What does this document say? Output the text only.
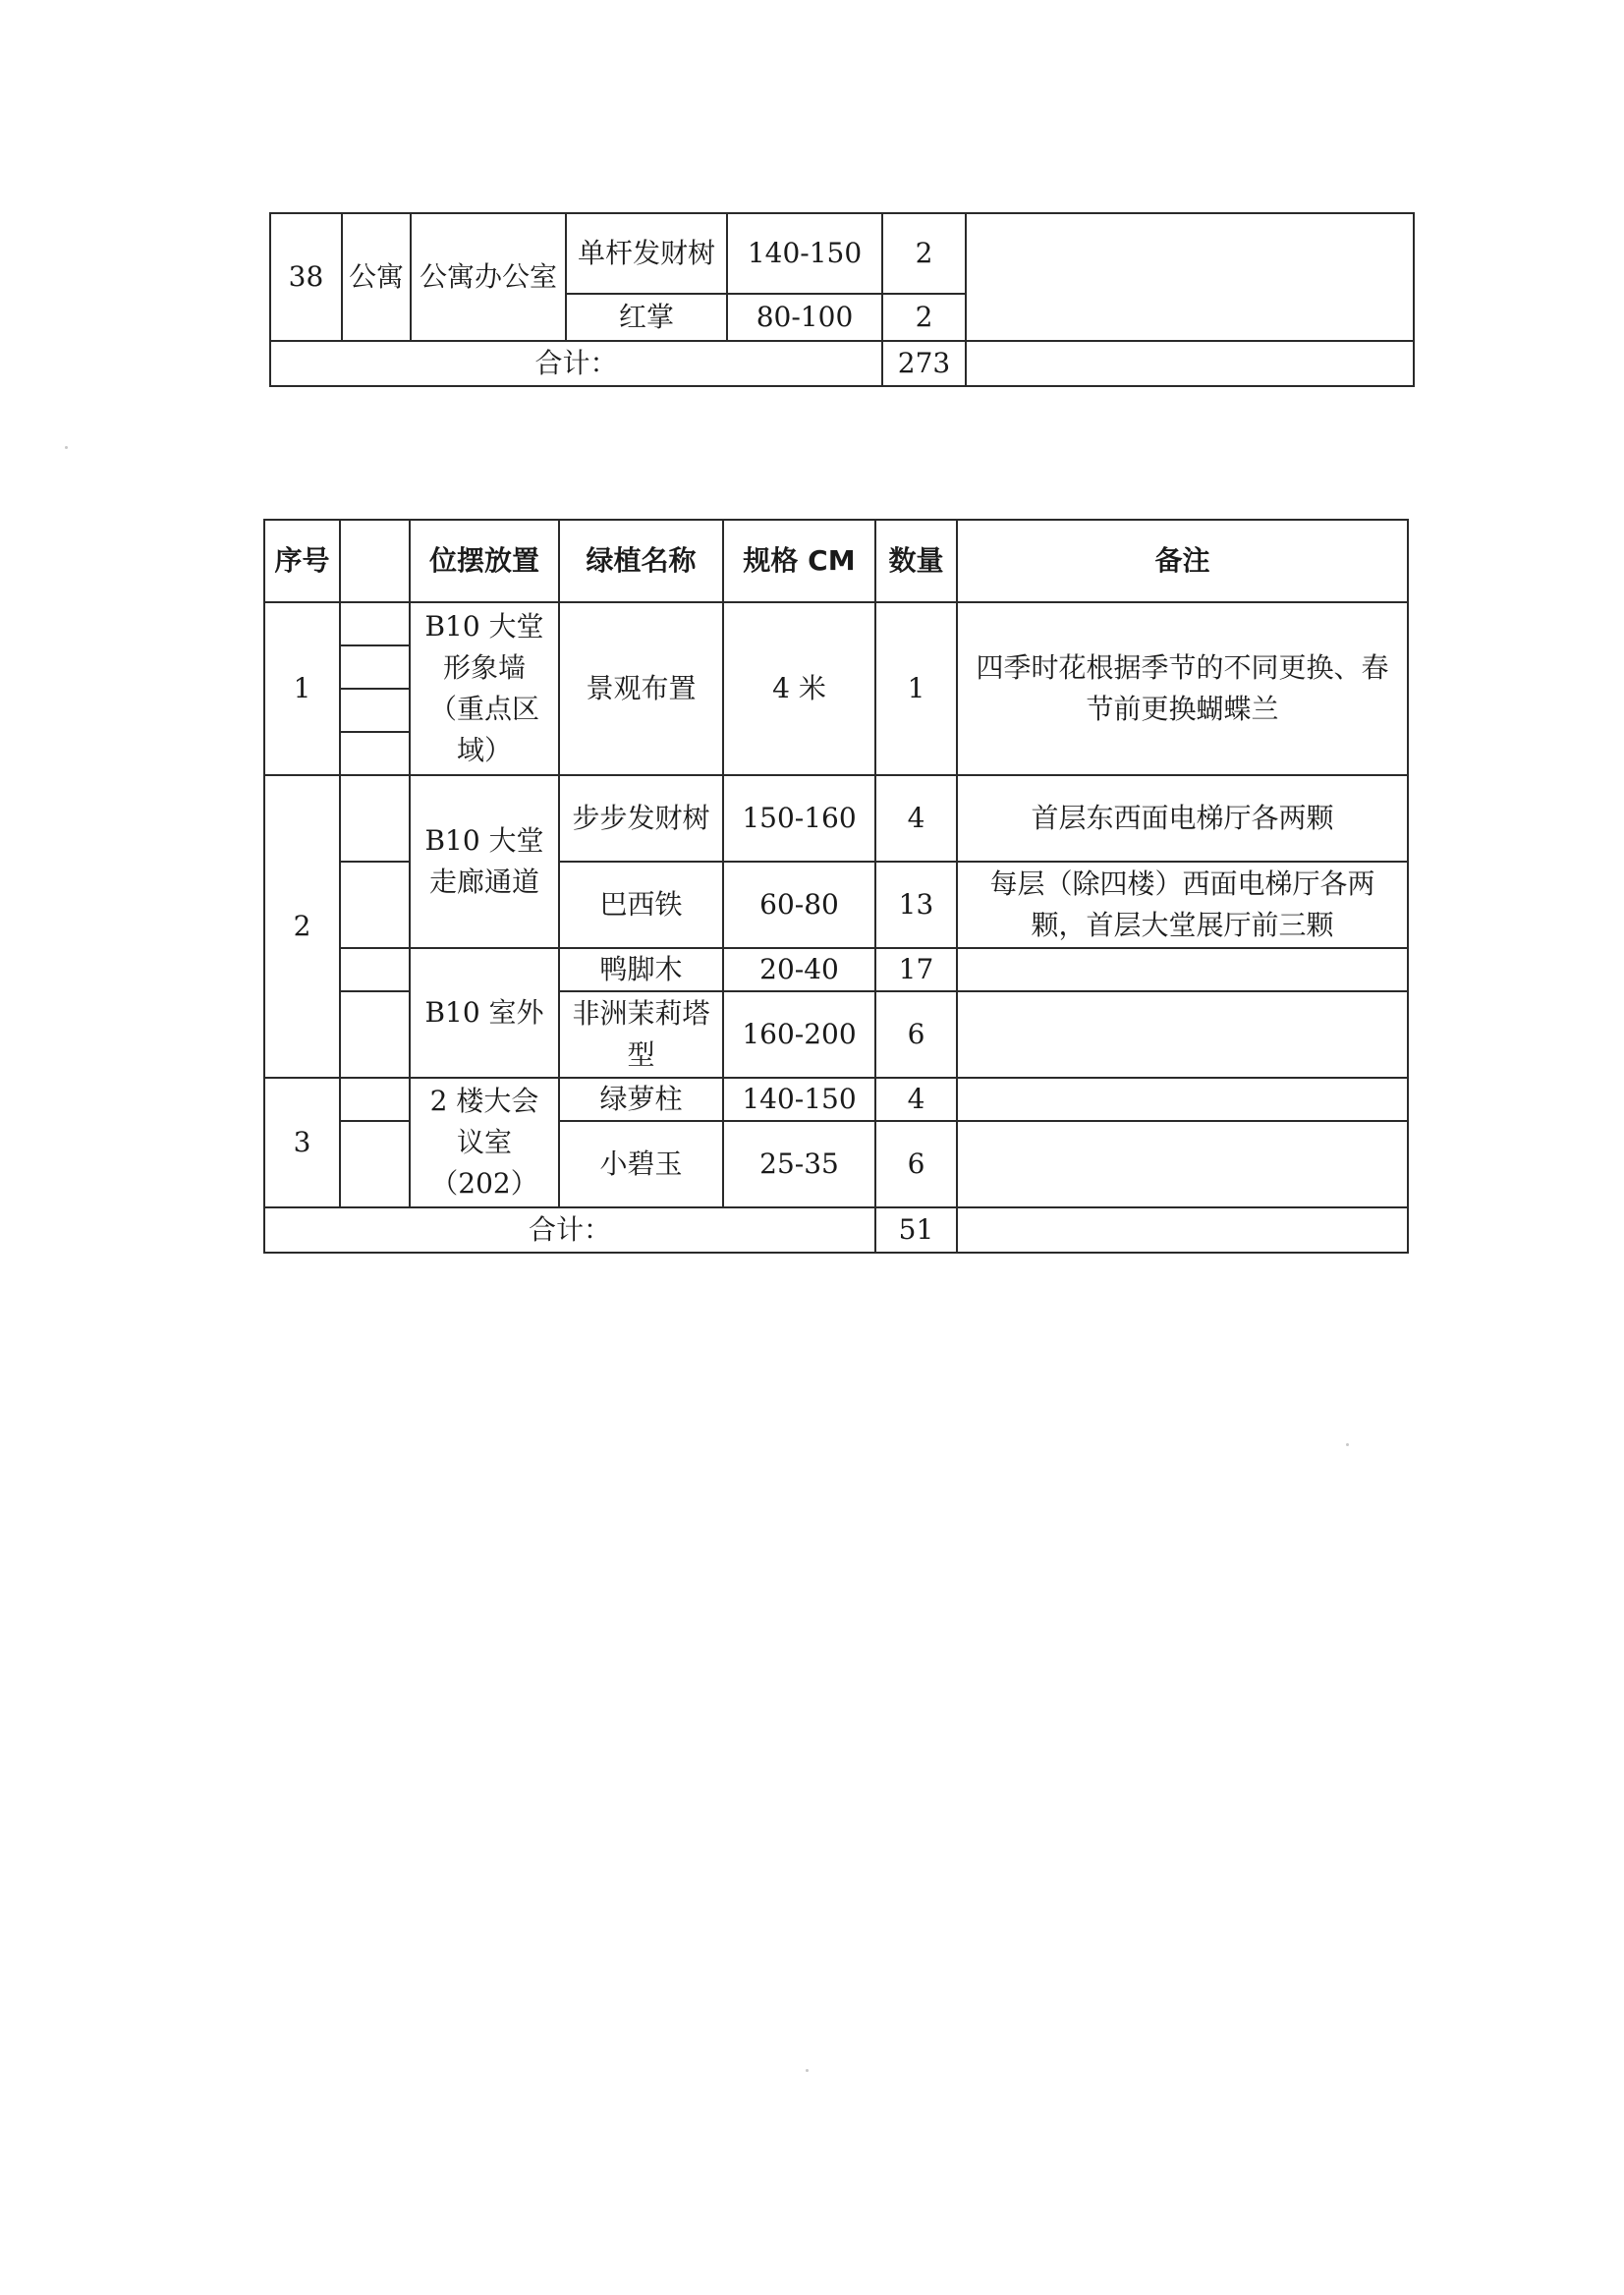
38	公寓	公寓办公室	单杆发财树	140-150	2	
			红掌	80-100	2	
合计：					273	
序号		位摆放置	绿植名称	规格 CM	数量	备注
1		B10 大堂形象墙（重点区域）	景观布置	4 米	1	四季时花根据季节的不同更换、春节前更换蝴蝶兰

2		B10 大堂走廊通道	步步发财树	150-160	4	首层东西面电梯厅各两颗
			巴西铁	60-80	13	每层（除四楼）西面电梯厅各两颗，首层大堂展厅前三颗
		B10 室外	鸭脚木	20-40	17	
			非洲茉莉塔型	160-200	6	

3		2 楼大会议室（202）	绿萝柱	140-150	4	
			小碧玉	25-35	6	
合计：					51	
